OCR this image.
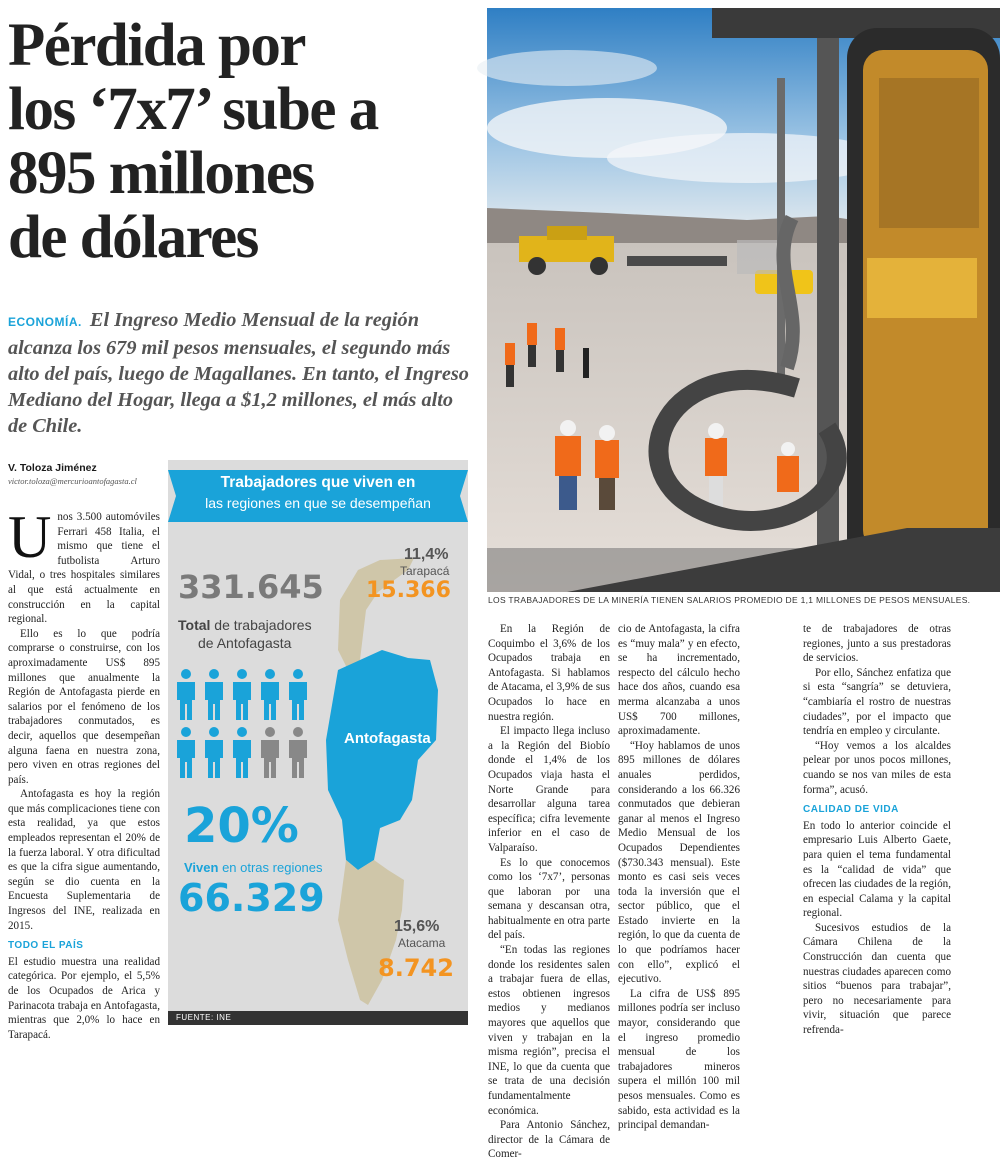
Pérdida por
los ‘7x7’ sube a
895 millones
de dólares
ECONOMÍA. El Ingreso Medio Mensual de la región alcanza los 679 mil pesos mensuales, el segundo más alto del país, luego de Magallanes. En tanto, el Ingreso Mediano del Hogar, llega a $1,2 millones, el más alto de Chile.
V. Toloza Jiménez
victor.toloza@mercurioantofagasta.cl
LOS TRABAJADORES DE LA MINERÍA TIENEN SALARIOS PROMEDIO DE 1,1 MILLONES DE PESOS MENSUALES.
U nos 3.500 automóviles Ferrari 458 Italia, el mismo que tiene el futbolista Arturo Vidal, o tres hospitales similares al que está actualmente en construcción en la capital regional.

Ello es lo que podría comprarse o construirse, con los aproximadamente US$ 895 millones que anualmente la Región de Antofagasta pierde en salarios por el fenómeno de los trabajadores conmutados, es decir, aquellos que desempeñan alguna faena en nuestra zona, pero viven en otras regiones del país.

Antofagasta es hoy la región que más complicaciones tiene con esta realidad, ya que estos empleados representan el 20% de la fuerza laboral. Y otra dificultad es que la cifra sigue aumentando, según se dio cuenta en la Encuesta Suplementaria de Ingresos del INE, realizada en 2015.

TODO EL PAÍS

El estudio muestra una realidad categórica. Por ejemplo, el 5,5% de los Ocupados de Arica y Parinacota trabaja en Antofagasta, mientras que 2,0% lo hace en Tarapacá.

En la Región de Coquimbo el 3,6% de los Ocupados trabaja en Antofagasta. Si hablamos de Atacama, el 3,9% de sus Ocupados lo hace en nuestra región.

El impacto llega incluso a la Región del Biobío donde el 1,4% de los Ocupados viaja hasta el Norte Grande para desarrollar alguna tarea específica; cifra levemente inferior en el caso de Valparaíso.

Es lo que conocemos como los ‘7x7’, personas que laboran por una semana y descansan otra, habitualmente en otra parte del país.

“En todas las regiones donde los residentes salen a trabajar fuera de ellas, estos obtienen ingresos medios y medianos mayores que aquellos que viven y trabajan en la misma región”, precisa el INE, lo que da cuenta que se trata de una decisión fundamentalmente económica.

Para Antonio Sánchez, director de la Cámara de Comer-

cio de Antofagasta, la cifra es “muy mala” y en efecto, se ha incrementado, respecto del cálculo hecho hace dos años, cuando esa merma alcanzaba a unos US$ 700 millones, aproximadamente.

“Hoy hablamos de unos 895 millones de dólares anuales perdidos, considerando a los 66.326 conmutados que debieran ganar al menos el Ingreso Medio Mensual de los Ocupados Dependientes ($730.343 mensual). Este monto es casi seis veces toda la inversión que el sector público, que el Estado invierte en la región, lo que da cuenta de lo que podríamos hacer con ello”, explicó el ejecutivo.

La cifra de US$ 895 millones podría ser incluso mayor, considerando que el ingreso promedio mensual de los trabajadores mineros supera el millón 100 mil pesos mensuales. Como es sabido, esta actividad es la principal demandan-

te de trabajadores de otras regiones, junto a sus prestadoras de servicios.

Por ello, Sánchez enfatiza que si esta “sangría” se detuviera, “cambiaría el rostro de nuestras ciudades”, por el impacto que tendría en empleo y circulante.

“Hoy vemos a los alcaldes pelear por unos pocos millones, cuando se nos van miles de esta forma”, acusó.

CALIDAD DE VIDA

En todo lo anterior coincide el empresario Luis Alberto Gaete, para quien el tema fundamental es la “calidad de vida” que ofrecen las ciudades de la región, en especial Calama y la capital regional.

Sucesivos estudios de la Cámara Chilena de la Construcción dan cuenta que nuestras ciudades aparecen como sitios “buenos para trabajar”, pero no necesariamente para vivir, situación que parece refrenda-

Trabajadores que viven en
las regiones en que se desempeñan
15.366
11,4%
Tarapacá
331.645
Total de trabajadores
de Antofagasta
Antofagasta
20%
Viven en otras regiones
66.329
15,6%
Atacama
8.742
FUENTE: INE
